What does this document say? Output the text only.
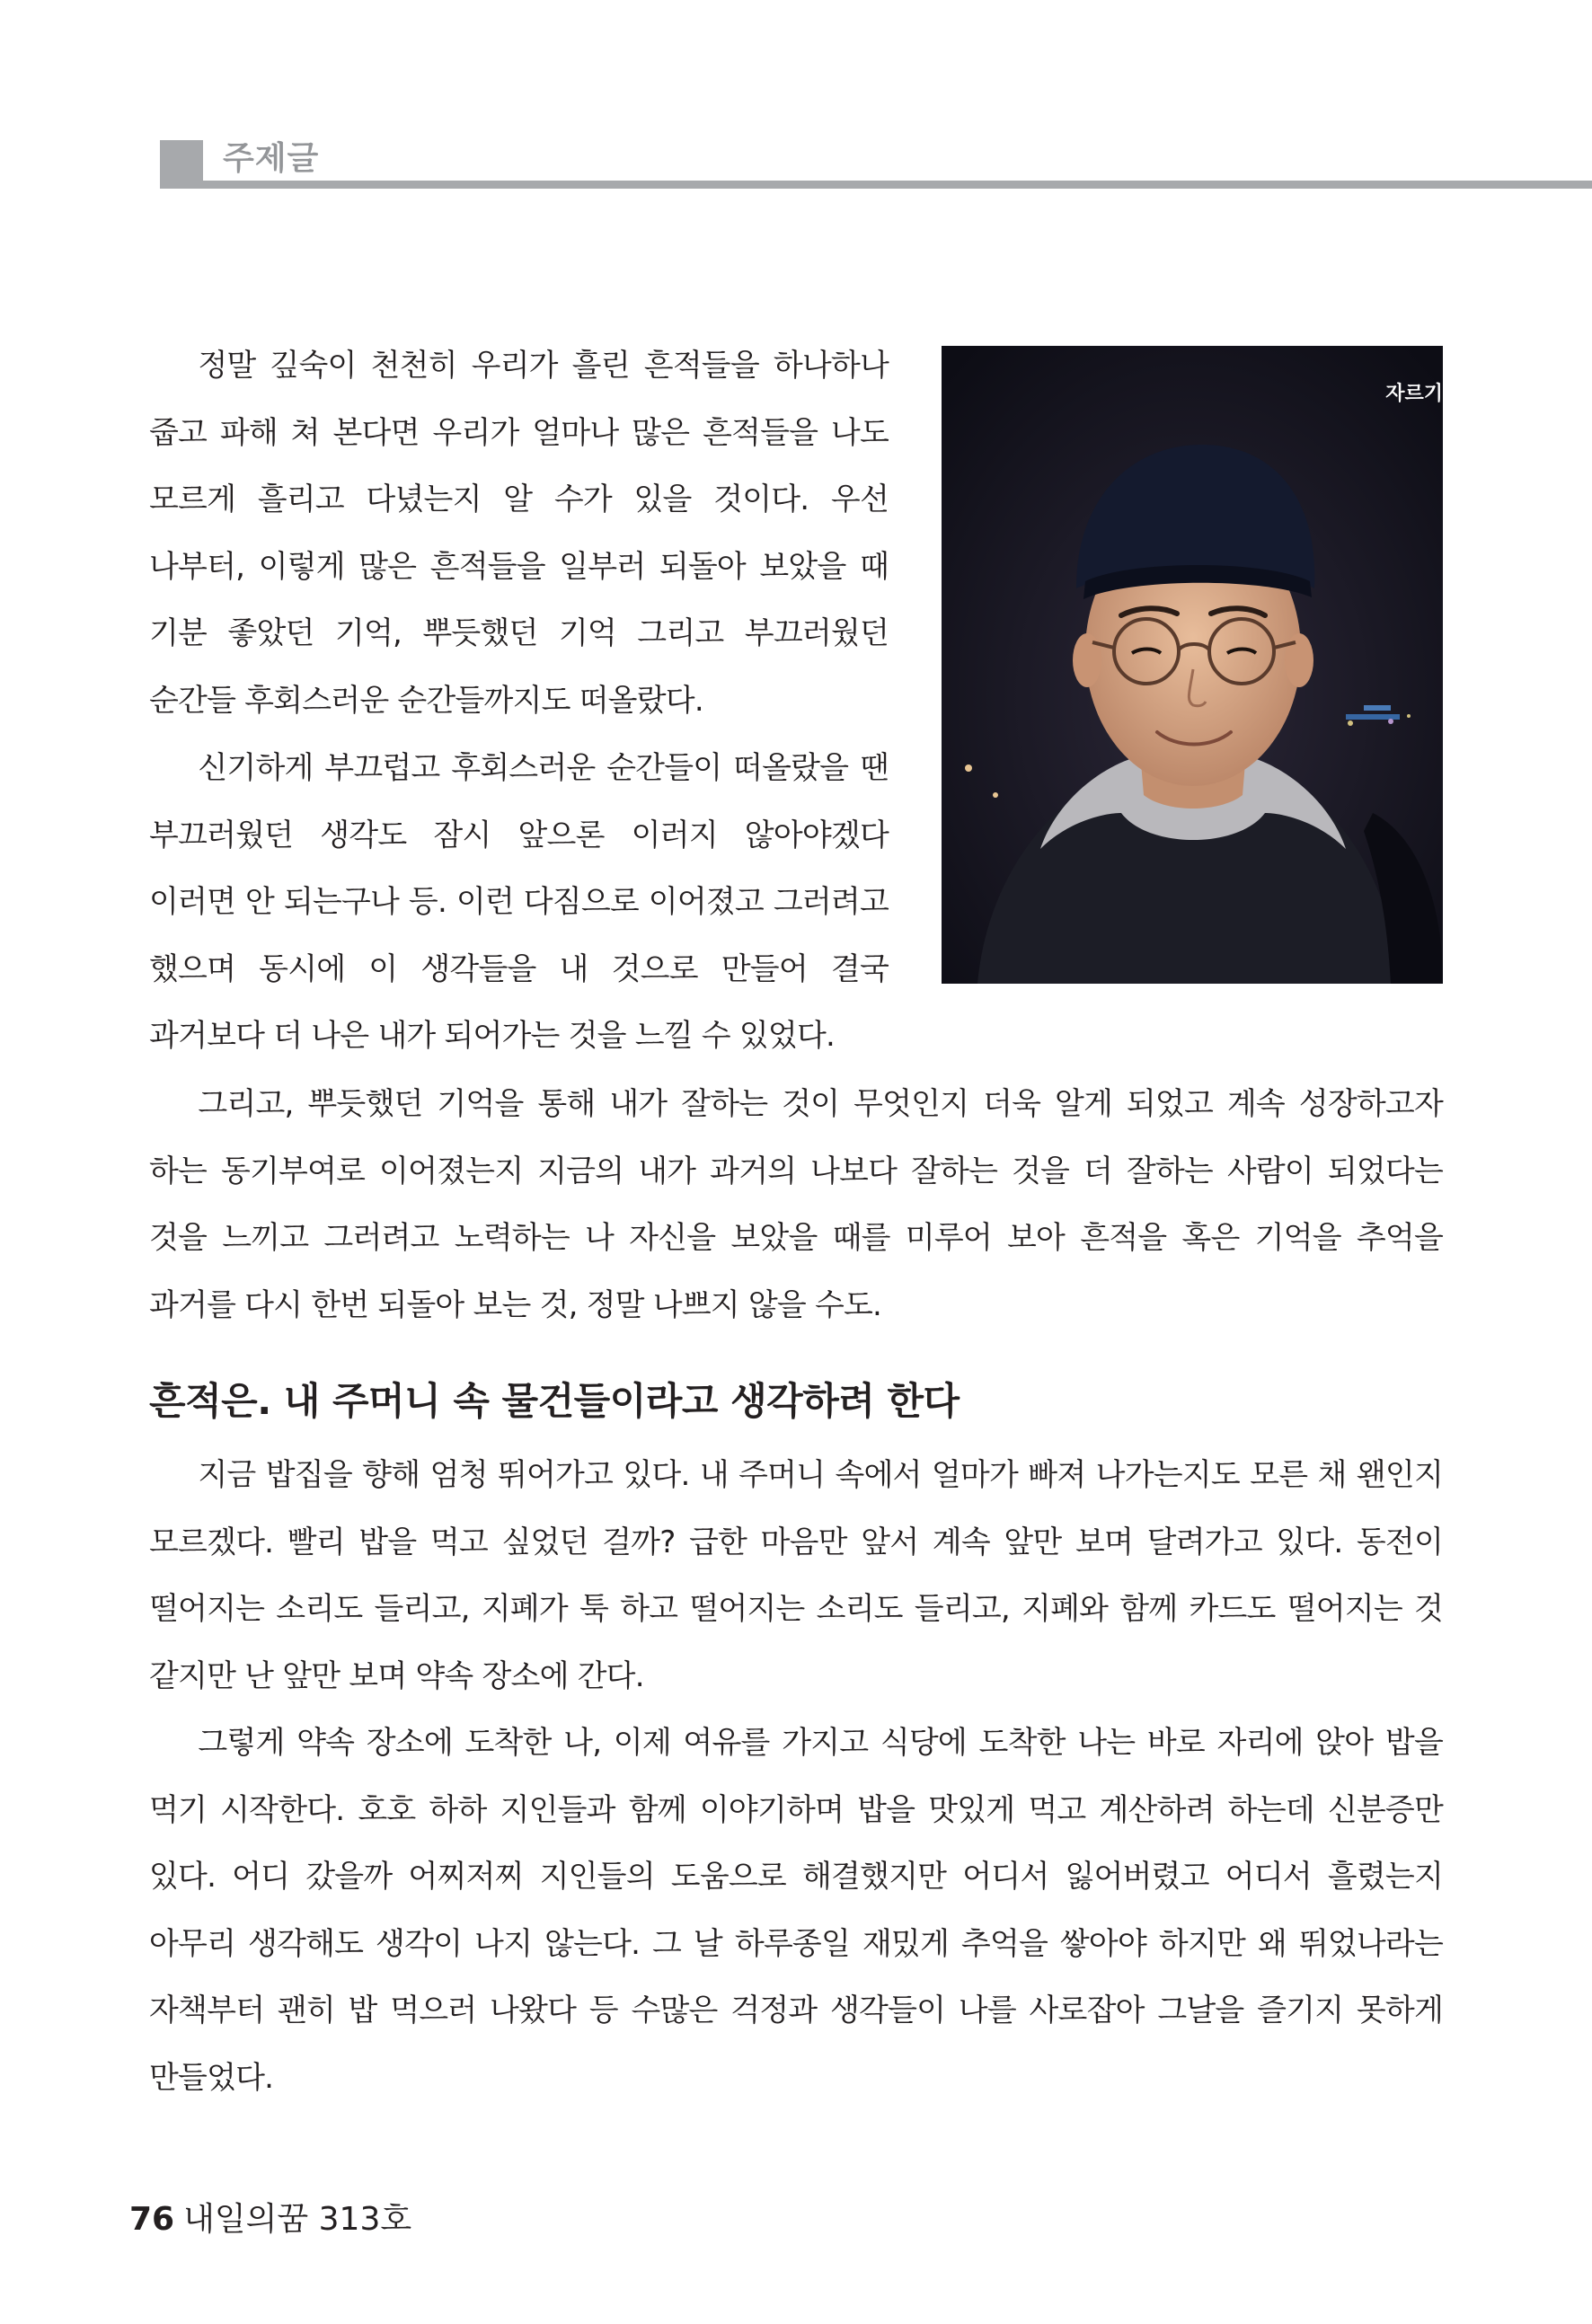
주제글

정말 깊숙이 천천히 우리가 흘린 흔적들을 하나하나 줍고 파해 쳐 본다면 우리가 얼마나 많은 흔적들을 나도 모르게 흘리고 다녔는지 알 수가 있을 것이다. 우선 나부터, 이렇게 많은 흔적들을 일부러 되돌아 보았을 때 기분 좋았던 기억, 뿌듯했던 기억 그리고 부끄러웠던 순간들 후회스러운 순간들까지도 떠올랐다.

신기하게 부끄럽고 후회스러운 순간들이 떠올랐을 땐 부끄러웠던 생각도 잠시 앞으론 이러지 않아야겠다 이러면 안 되는구나 등. 이런 다짐으로 이어졌고 그러려고 했으며 동시에 이 생각들을 내 것으로 만들어 결국 과거보다 더 나은 내가 되어가는 것을 느낄 수 있었다.

그리고, 뿌듯했던 기억을 통해 내가 잘하는 것이 무엇인지 더욱 알게 되었고 계속 성장하고자 하는 동기부여로 이어졌는지 지금의 내가 과거의 나보다 잘하는 것을 더 잘하는 사람이 되었다는 것을 느끼고 그러려고 노력하는 나 자신을 보았을 때를 미루어 보아 흔적을 혹은 기억을 추억을 과거를 다시 한번 되돌아 보는 것, 정말 나쁘지 않을 수도.

자르기
흔적은. 내 주머니 속 물건들이라고 생각하려 한다

지금 밥집을 향해 엄청 뛰어가고 있다. 내 주머니 속에서 얼마가 빠져 나가는지도 모른 채 왠인지 모르겠다. 빨리 밥을 먹고 싶었던 걸까? 급한 마음만 앞서 계속 앞만 보며 달려가고 있다. 동전이 떨어지는 소리도 들리고, 지폐가 툭 하고 떨어지는 소리도 들리고, 지폐와 함께 카드도 떨어지는 것 같지만 난 앞만 보며 약속 장소에 간다.

그렇게 약속 장소에 도착한 나, 이제 여유를 가지고 식당에 도착한 나는 바로 자리에 앉아 밥을 먹기 시작한다. 호호 하하 지인들과 함께 이야기하며 밥을 맛있게 먹고 계산하려 하는데 신분증만 있다. 어디 갔을까 어찌저찌 지인들의 도움으로 해결했지만 어디서 잃어버렸고 어디서 흘렸는지 아무리 생각해도 생각이 나지 않는다. 그 날 하루종일 재밌게 추억을 쌓아야 하지만 왜 뛰었나라는 자책부터 괜히 밥 먹으러 나왔다 등 수많은 걱정과 생각들이 나를 사로잡아 그날을 즐기지 못하게 만들었다.

76 내일의꿈 313호
